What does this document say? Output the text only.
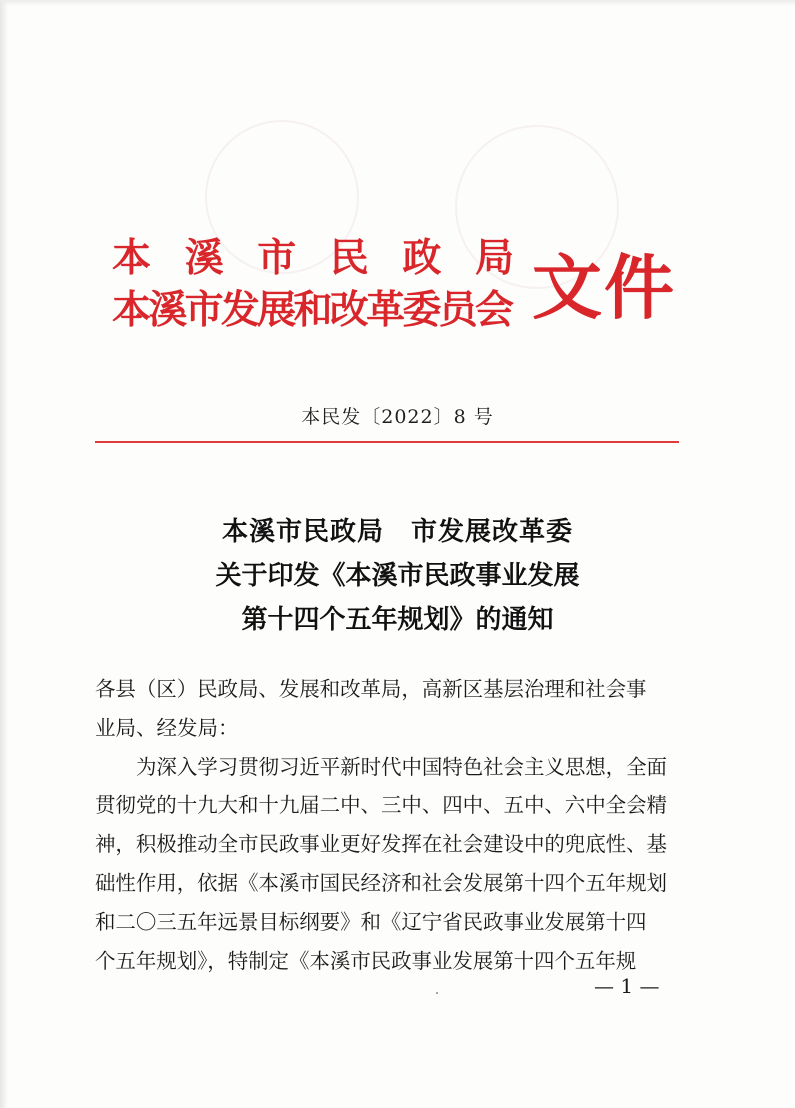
本溪市民政局
本溪市发展和改革委员会 文件
本民发〔2022〕8 号
本溪市民政局　市发展改革委
关于印发《本溪市民政事业发展
第十四个五年规划》的通知
各县（区）民政局、发展和改革局，高新区基层治理和社会事
业局、经发局：
为深入学习贯彻习近平新时代中国特色社会主义思想，全面
贯彻党的十九大和十九届二中、三中、四中、五中、六中全会精
神，积极推动全市民政事业更好发挥在社会建设中的兜底性、基
础性作用，依据《本溪市国民经济和社会发展第十四个五年规划
和二〇三五年远景目标纲要》和《辽宁省民政事业发展第十四
个五年规划》，特制定《本溪市民政事业发展第十四个五年规
— 1 —
